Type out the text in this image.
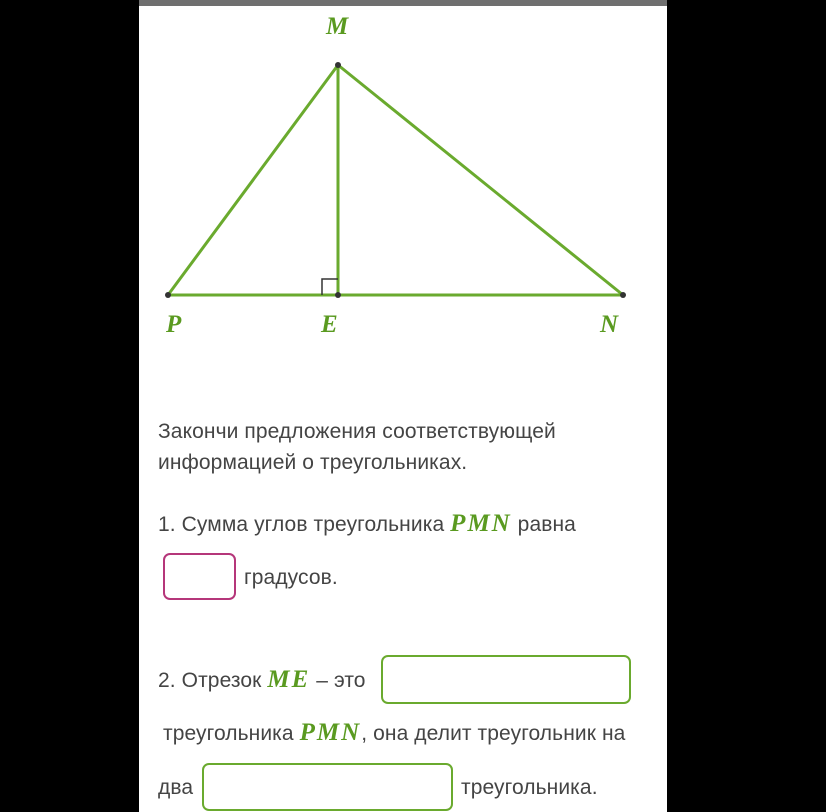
M
P	E	N
Закончи предложения соответствующей
информацией о треугольниках.
1. Сумма углов треугольника PMN равна
градусов.
2. Отрезок ME – это
треугольника PMN, она делит треугольник на
два	треугольника.
